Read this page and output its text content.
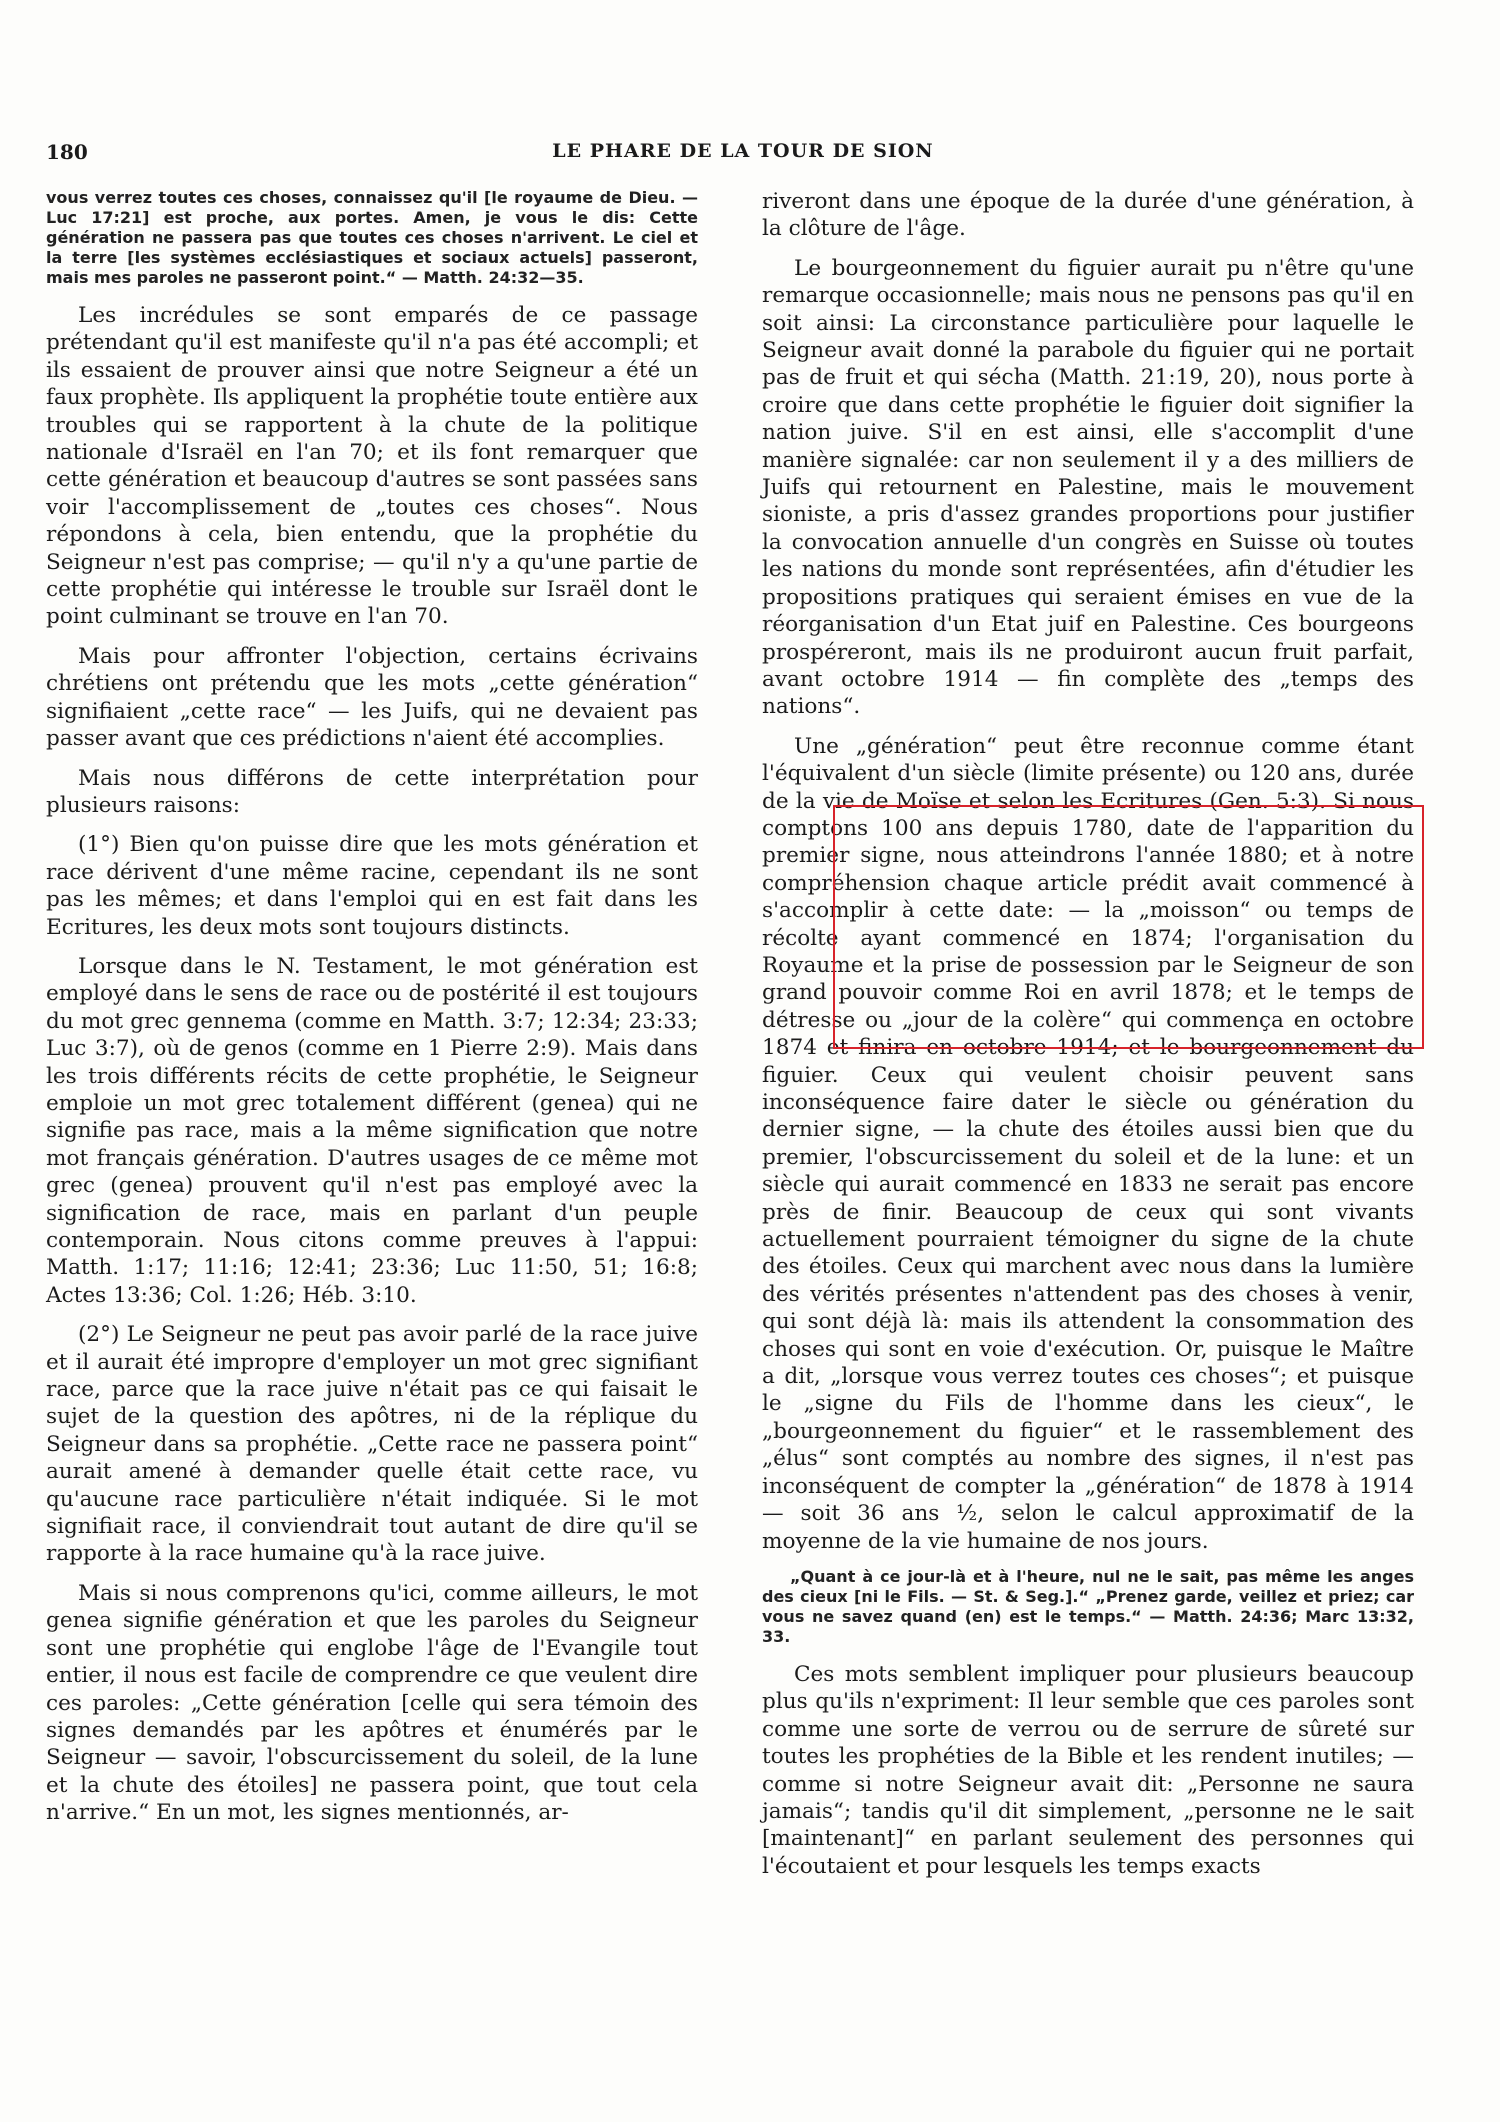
180	LE PHARE DE LA TOUR DE SION

vous verrez toutes ces choses, connaissez qu'il [le royaume de Dieu. — Luc 17:21] est proche, aux portes. Amen, je vous le dis: Cette génération ne passera pas que toutes ces choses n'arrivent. Le ciel et la terre [les systèmes ecclésiastiques et sociaux actuels] passeront, mais mes paroles ne passeront point.“ — Matth. 24:32—35.

Les incrédules se sont emparés de ce passage prétendant qu'il est manifeste qu'il n'a pas été accompli; et ils essaient de prouver ainsi que notre Seigneur a été un faux prophète. Ils appliquent la prophétie toute entière aux troubles qui se rapportent à la chute de la politique nationale d'Israël en l'an 70; et ils font remarquer que cette génération et beaucoup d'autres se sont passées sans voir l'accomplissement de „toutes ces choses“. Nous répondons à cela, bien entendu, que la prophétie du Seigneur n'est pas comprise; — qu'il n'y a qu'une partie de cette prophétie qui intéresse le trouble sur Israël dont le point culminant se trouve en l'an 70.

Mais pour affronter l'objection, certains écrivains chrétiens ont prétendu que les mots „cette génération“ signifiaient „cette race“ — les Juifs, qui ne devaient pas passer avant que ces prédictions n'aient été accomplies.

Mais nous différons de cette interprétation pour plusieurs raisons:

(1°) Bien qu'on puisse dire que les mots génération et race dérivent d'une même racine, cependant ils ne sont pas les mêmes; et dans l'emploi qui en est fait dans les Ecritures, les deux mots sont toujours distincts.

Lorsque dans le N. Testament, le mot génération est employé dans le sens de race ou de postérité il est toujours du mot grec gennema (comme en Matth. 3:7; 12:34; 23:33; Luc 3:7), où de genos (comme en 1 Pierre 2:9). Mais dans les trois différents récits de cette prophétie, le Seigneur emploie un mot grec totalement différent (genea) qui ne signifie pas race, mais a la même signification que notre mot français génération. D'autres usages de ce même mot grec (genea) prouvent qu'il n'est pas employé avec la signification de race, mais en parlant d'un peuple contemporain. Nous citons comme preuves à l'appui: Matth. 1:17; 11:16; 12:41; 23:36; Luc 11:50, 51; 16:8; Actes 13:36; Col. 1:26; Héb. 3:10.

(2°) Le Seigneur ne peut pas avoir parlé de la race juive et il aurait été impropre d'employer un mot grec signifiant race, parce que la race juive n'était pas ce qui faisait le sujet de la question des apôtres, ni de la réplique du Seigneur dans sa prophétie. „Cette race ne passera point“ aurait amené à demander quelle était cette race, vu qu'aucune race particulière n'était indiquée. Si le mot signifiait race, il conviendrait tout autant de dire qu'il se rapporte à la race humaine qu'à la race juive.

Mais si nous comprenons qu'ici, comme ailleurs, le mot genea signifie génération et que les paroles du Seigneur sont une prophétie qui englobe l'âge de l'Evangile tout entier, il nous est facile de comprendre ce que veulent dire ces paroles: „Cette génération [celle qui sera témoin des signes demandés par les apôtres et énumérés par le Seigneur — savoir, l'obscurcissement du soleil, de la lune et la chute des étoiles] ne passera point, que tout cela n'arrive.“ En un mot, les signes mentionnés, ar-

riveront dans une époque de la durée d'une génération, à la clôture de l'âge.

Le bourgeonnement du figuier aurait pu n'être qu'une remarque occasionnelle; mais nous ne pensons pas qu'il en soit ainsi: La circonstance particulière pour laquelle le Seigneur avait donné la parabole du figuier qui ne portait pas de fruit et qui sécha (Matth. 21:19, 20), nous porte à croire que dans cette prophétie le figuier doit signifier la nation juive. S'il en est ainsi, elle s'accomplit d'une manière signalée: car non seulement il y a des milliers de Juifs qui retournent en Palestine, mais le mouvement sioniste, a pris d'assez grandes proportions pour justifier la convocation annuelle d'un congrès en Suisse où toutes les nations du monde sont représentées, afin d'étudier les propositions pratiques qui seraient émises en vue de la réorganisation d'un Etat juif en Palestine. Ces bourgeons prospéreront, mais ils ne produiront aucun fruit parfait, avant octobre 1914 — fin complète des „temps des nations“.

Une „génération“ peut être reconnue comme étant l'équivalent d'un siècle (limite présente) ou 120 ans, durée de la vie de Moïse et selon les Ecritures (Gen. 5:3). Si nous comptons 100 ans depuis 1780, date de l'apparition du premier signe, nous atteindrons l'année 1880; et à notre compréhension chaque article prédit avait commencé à s'accomplir à cette date: — la „moisson“ ou temps de récolte ayant commencé en 1874; l'organisation du Royaume et la prise de possession par le Seigneur de son grand pouvoir comme Roi en avril 1878; et le temps de détresse ou „jour de la colère“ qui commença en octobre 1874 et finira en octobre 1914; et le bourgeonnement du figuier. Ceux qui veulent choisir peuvent sans inconséquence faire dater le siècle ou génération du dernier signe, — la chute des étoiles aussi bien que du premier, l'obscurcissement du soleil et de la lune: et un siècle qui aurait commencé en 1833 ne serait pas encore près de finir. Beaucoup de ceux qui sont vivants actuellement pourraient témoigner du signe de la chute des étoiles. Ceux qui marchent avec nous dans la lumière des vérités présentes n'attendent pas des choses à venir, qui sont déjà là: mais ils attendent la consommation des choses qui sont en voie d'exécution. Or, puisque le Maître a dit, „lorsque vous verrez toutes ces choses“; et puisque le „signe du Fils de l'homme dans les cieux“, le „bourgeonnement du figuier“ et le rassemblement des „élus“ sont comptés au nombre des signes, il n'est pas inconséquent de compter la „génération“ de 1878 à 1914 — soit 36 ans ½, selon le calcul approximatif de la moyenne de la vie humaine de nos jours.

„Quant à ce jour-là et à l'heure, nul ne le sait, pas même les anges des cieux [ni le Fils. — St. & Seg.].“ „Prenez garde, veillez et priez; car vous ne savez quand (en) est le temps.“ — Matth. 24:36; Marc 13:32, 33.

Ces mots semblent impliquer pour plusieurs beaucoup plus qu'ils n'expriment: Il leur semble que ces paroles sont comme une sorte de verrou ou de serrure de sûreté sur toutes les prophéties de la Bible et les rendent inutiles; — comme si notre Seigneur avait dit: „Personne ne saura jamais“; tandis qu'il dit simplement, „personne ne le sait [maintenant]“ en parlant seulement des personnes qui l'écoutaient et pour lesquels les temps exacts
